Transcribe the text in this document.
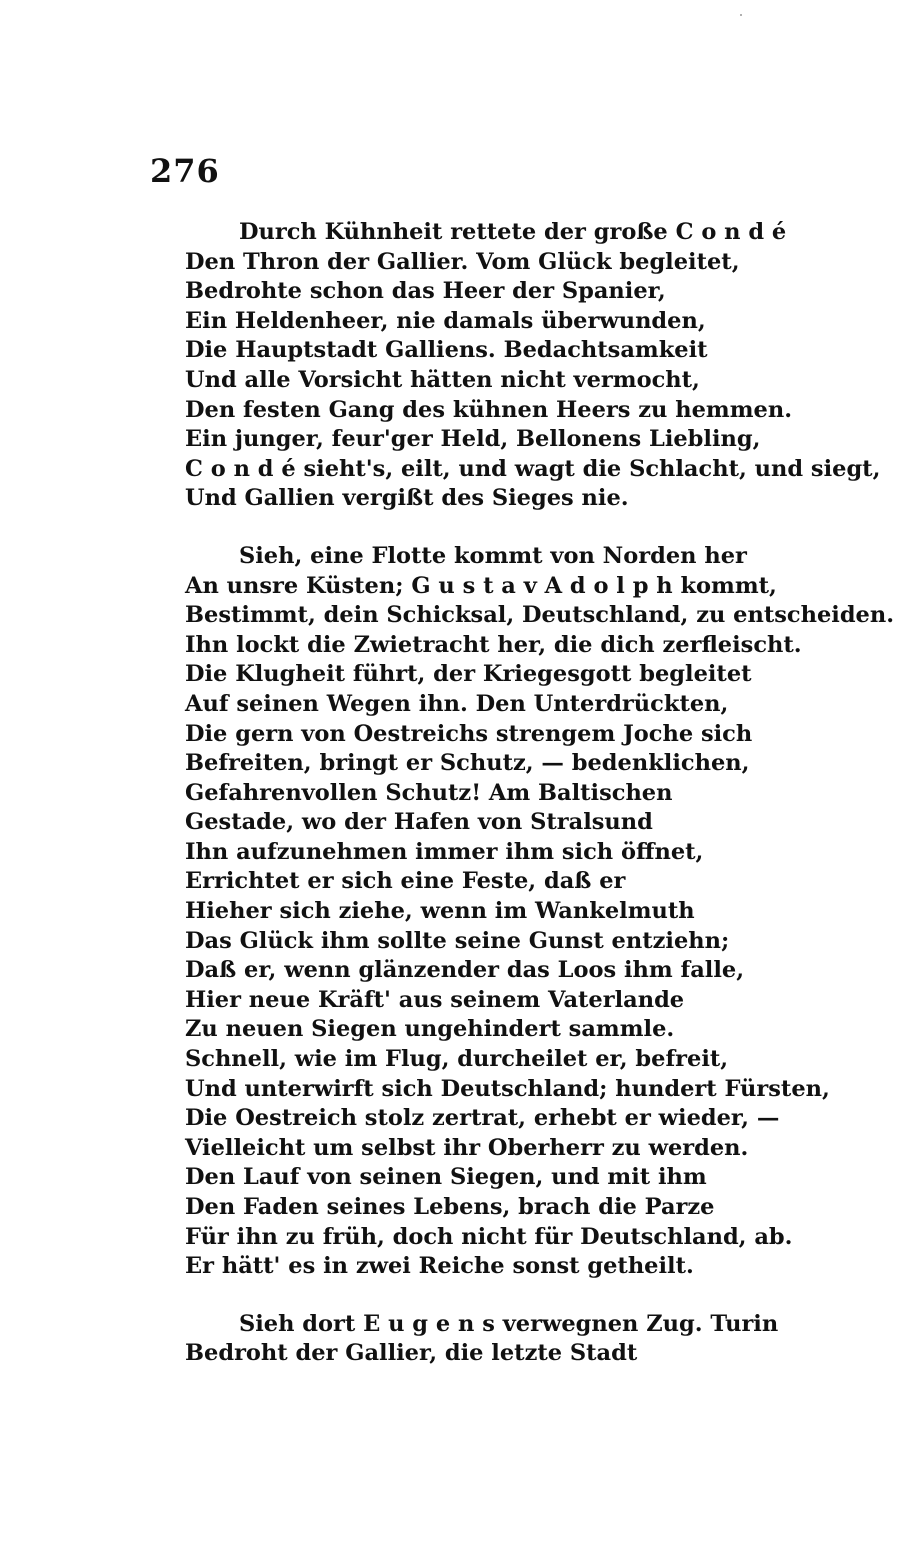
276
Durch Kühnheit rettete der große C o n d é
Den Thron der Gallier. Vom Glück begleitet,
Bedrohte schon das Heer der Spanier,
Ein Heldenheer, nie damals überwunden,
Die Hauptstadt Galliens. Bedachtsamkeit
Und alle Vorsicht hätten nicht vermocht,
Den festen Gang des kühnen Heers zu hemmen.
Ein junger, feur'ger Held, Bellonens Liebling,
C o n d é sieht's, eilt, und wagt die Schlacht, und siegt,
Und Gallien vergißt des Sieges nie.
Sieh, eine Flotte kommt von Norden her
An unsre Küsten; G u s t a v A d o l p h kommt,
Bestimmt, dein Schicksal, Deutschland, zu entscheiden.
Ihn lockt die Zwietracht her, die dich zerfleischt.
Die Klugheit führt, der Kriegesgott begleitet
Auf seinen Wegen ihn. Den Unterdrückten,
Die gern von Oestreichs strengem Joche sich
Befreiten, bringt er Schutz, — bedenklichen,
Gefahrenvollen Schutz! Am Baltischen
Gestade, wo der Hafen von Stralsund
Ihn aufzunehmen immer ihm sich öffnet,
Errichtet er sich eine Feste, daß er
Hieher sich ziehe, wenn im Wankelmuth
Das Glück ihm sollte seine Gunst entziehn;
Daß er, wenn glänzender das Loos ihm falle,
Hier neue Kräft' aus seinem Vaterlande
Zu neuen Siegen ungehindert sammle.
Schnell, wie im Flug, durcheilet er, befreit,
Und unterwirft sich Deutschland; hundert Fürsten,
Die Oestreich stolz zertrat, erhebt er wieder, —
Vielleicht um selbst ihr Oberherr zu werden.
Den Lauf von seinen Siegen, und mit ihm
Den Faden seines Lebens, brach die Parze
Für ihn zu früh, doch nicht für Deutschland, ab.
Er hätt' es in zwei Reiche sonst getheilt.
Sieh dort E u g e n s verwegnen Zug. Turin
Bedroht der Gallier, die letzte Stadt
